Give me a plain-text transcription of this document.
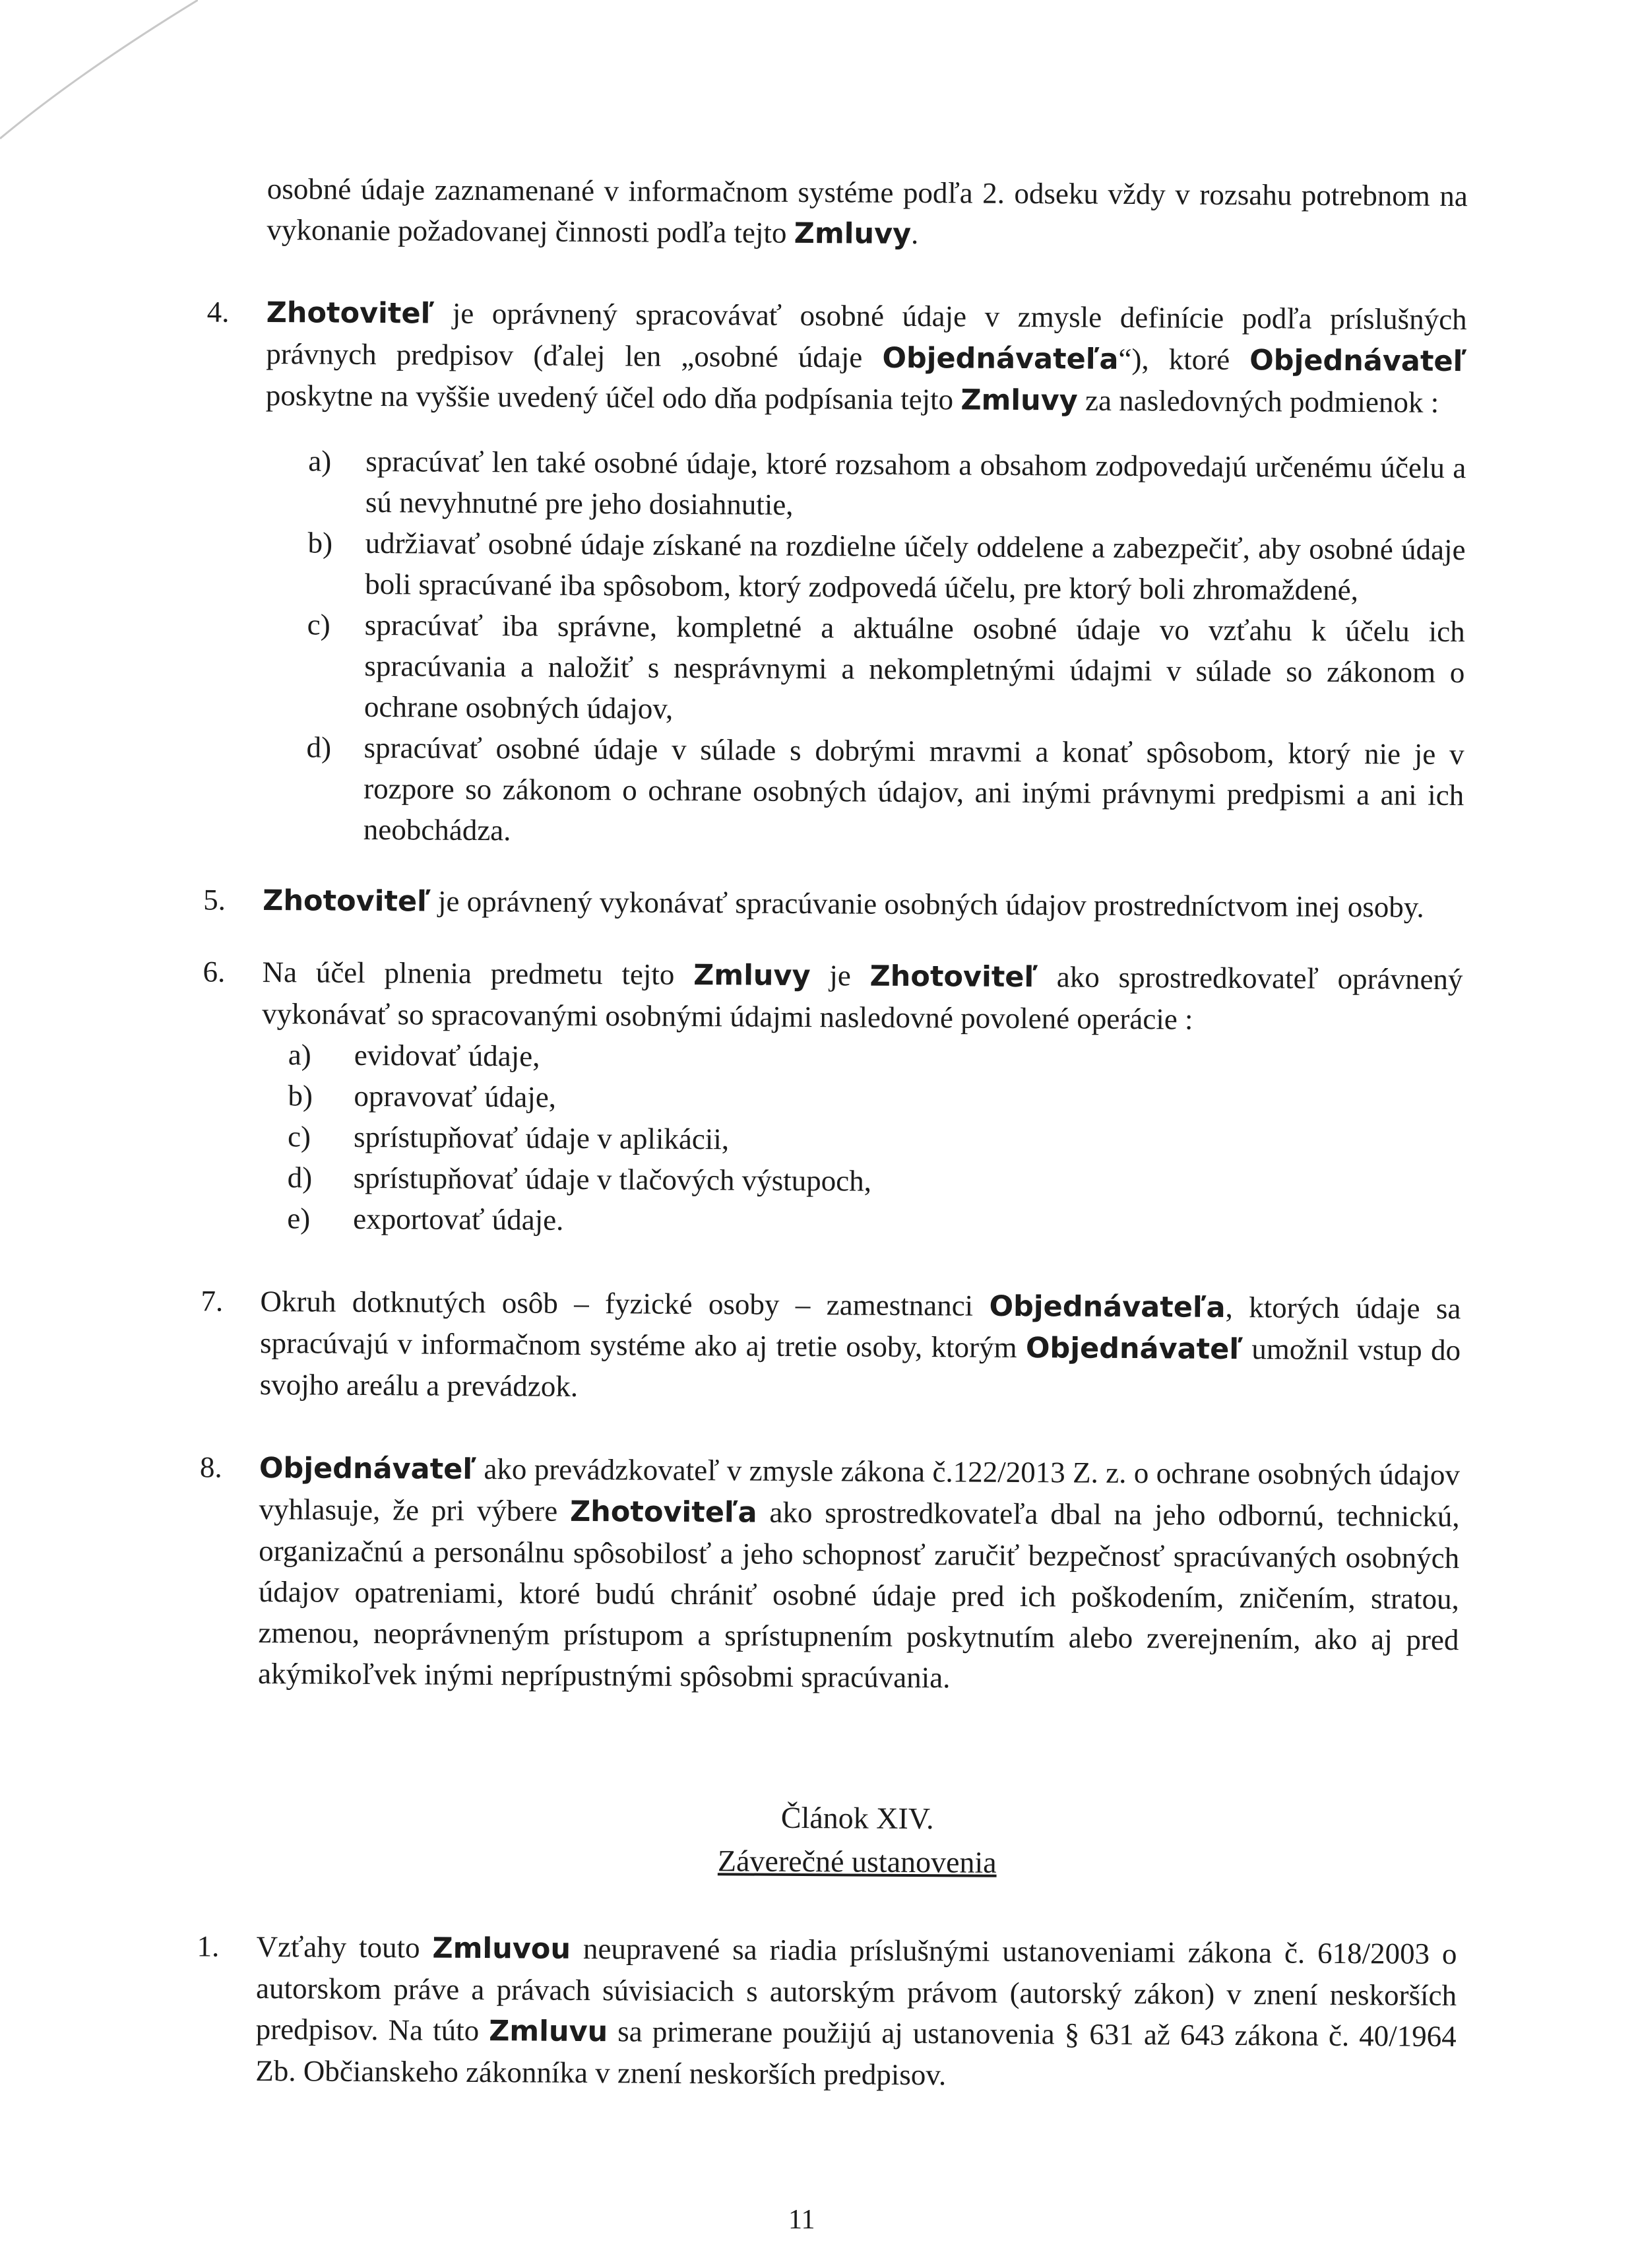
osobné údaje zaznamenané v informačnom systéme podľa 2. odseku vždy v rozsahu potrebnom na vykonanie požadovanej činnosti podľa tejto Zmluvy.

4. Zhotoviteľ je oprávnený spracovávať osobné údaje v zmysle definície podľa príslušných právnych predpisov (ďalej len „osobné údaje Objednávateľa“), ktoré Objednávateľ poskytne na vyššie uvedený účel odo dňa podpísania tejto Zmluvy za nasledovných podmienok :
a) spracúvať len také osobné údaje, ktoré rozsahom a obsahom zodpovedajú určenému účelu a sú nevyhnutné pre jeho dosiahnutie,
b) udržiavať osobné údaje získané na rozdielne účely oddelene a zabezpečiť, aby osobné údaje boli spracúvané iba spôsobom, ktorý zodpovedá účelu, pre ktorý boli zhromaždené,
c) spracúvať iba správne, kompletné a aktuálne osobné údaje vo vzťahu k účelu ich spracúvania a naložiť s nesprávnymi a nekompletnými údajmi v súlade so zákonom o ochrane osobných údajov,
d) spracúvať osobné údaje v súlade s dobrými mravmi a konať spôsobom, ktorý nie je v rozpore so zákonom o ochrane osobných údajov, ani inými právnymi predpismi a ani ich neobchádza.
5. Zhotoviteľ je oprávnený vykonávať spracúvanie osobných údajov prostredníctvom inej osoby.
6. Na účel plnenia predmetu tejto Zmluvy je Zhotoviteľ ako sprostredkovateľ oprávnený vykonávať so spracovanými osobnými údajmi nasledovné povolené operácie :
a) evidovať údaje,
b) opravovať údaje,
c) sprístupňovať údaje v aplikácii,
d) sprístupňovať údaje v tlačových výstupoch,
e) exportovať údaje.
7. Okruh dotknutých osôb – fyzické osoby – zamestnanci Objednávateľa, ktorých údaje sa spracúvajú v informačnom systéme ako aj tretie osoby, ktorým Objednávateľ umožnil vstup do svojho areálu a prevádzok.
8. Objednávateľ ako prevádzkovateľ v zmysle zákona č.122/2013 Z. z. o ochrane osobných údajov vyhlasuje, že pri výbere Zhotoviteľa ako sprostredkovateľa dbal na jeho odbornú, technickú, organizačnú a personálnu spôsobilosť a jeho schopnosť zaručiť bezpečnosť spracúvaných osobných údajov opatreniami, ktoré budú chrániť osobné údaje pred ich poškodením, zničením, stratou, zmenou, neoprávneným prístupom a sprístupnením poskytnutím alebo zverejnením, ako aj pred akýmikoľvek inými neprípustnými spôsobmi spracúvania.
Článok XIV.
Záverečné ustanovenia
1. Vzťahy touto Zmluvou neupravené sa riadia príslušnými ustanoveniami zákona č. 618/2003 o autorskom práve a právach súvisiacich s autorským právom (autorský zákon) v znení neskorších predpisov. Na túto Zmluvu sa primerane použijú aj ustanovenia § 631 až 643 zákona č. 40/1964 Zb. Občianskeho zákonníka v znení neskorších predpisov.
11
